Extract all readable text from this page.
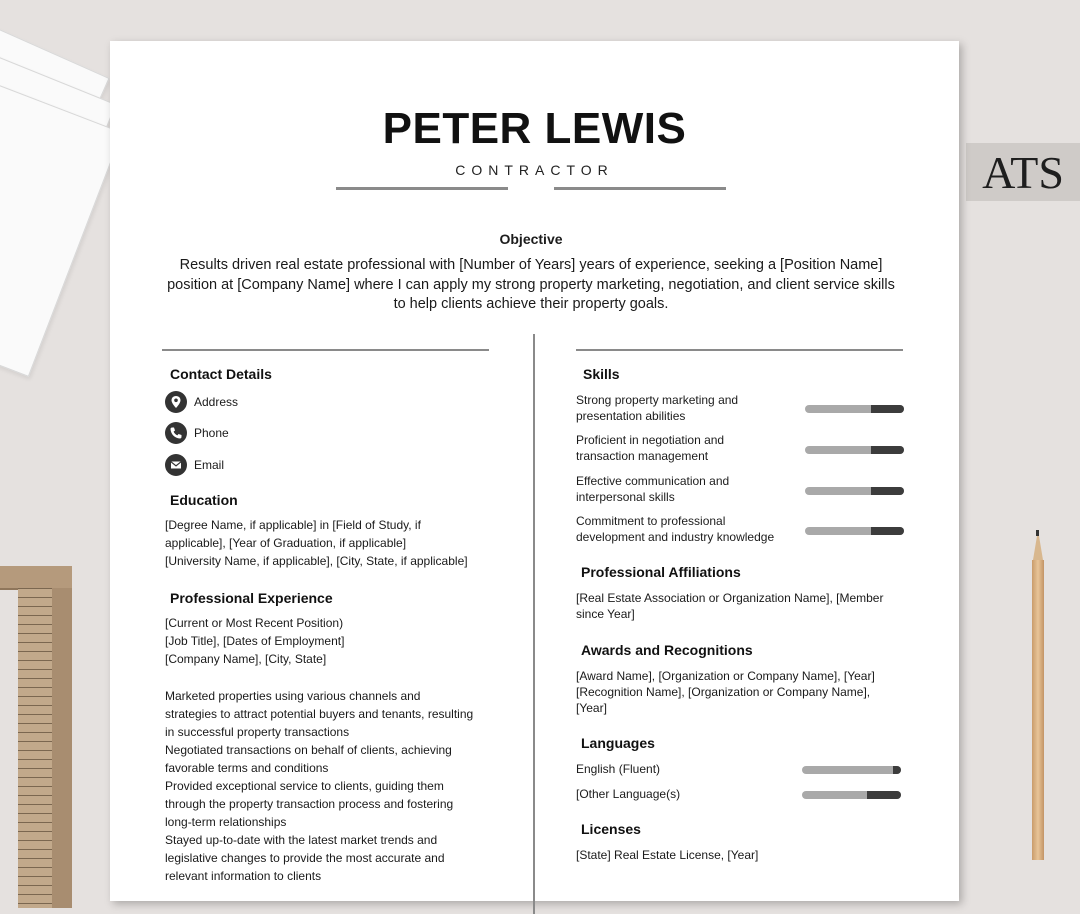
ATS
PETER LEWIS
CONTRACTOR
Objective
Results driven real estate professional with [Number of Years] years of experience, seeking a [Position Name] position at [Company Name] where I can apply my strong property marketing, negotiation, and client service skills to help clients achieve their property goals.
Contact Details
Address
Phone
Email
Education
[Degree Name, if applicable] in [Field of Study, if
applicable], [Year of Graduation, if applicable]
[University Name, if applicable], [City, State, if applicable]
Professional Experience
[Current or Most Recent Position)
[Job Title], [Dates of Employment]
[Company Name], [City, State]
Marketed properties using various channels and
strategies to attract potential buyers and tenants, resulting
in successful property transactions
Negotiated transactions on behalf of clients, achieving
favorable terms and conditions
Provided exceptional service to clients, guiding them
through the property transaction process and fostering
long-term relationships
Stayed up-to-date with the latest market trends and
legislative changes to provide the most accurate and
relevant information to clients
Skills
Strong property marketing and
presentation abilities
Proficient in negotiation and
transaction management
Effective communication and
interpersonal skills
Commitment to professional
development and industry knowledge
Professional Affiliations
[Real Estate Association or Organization Name], [Member
since Year]
Awards and Recognitions
[Award Name], [Organization or Company Name], [Year]
[Recognition Name], [Organization or Company Name],
[Year]
Languages
English (Fluent)
[Other Language(s)
Licenses
[State] Real Estate License, [Year]
